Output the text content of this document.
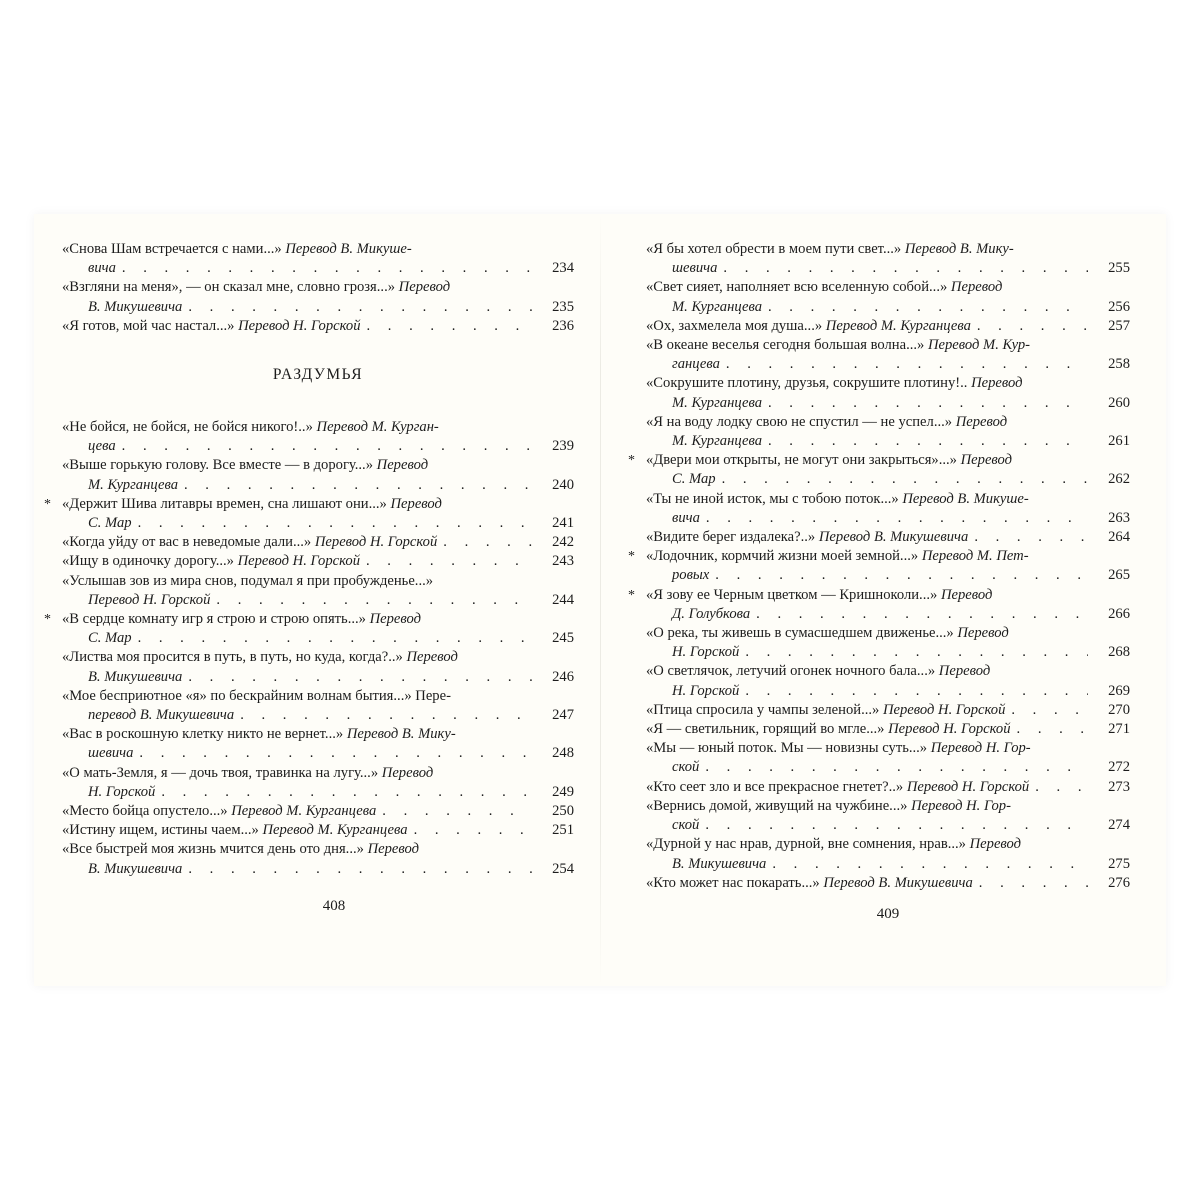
«Снова Шам встречается с нами...» Перевод В. Микуше-
вича . . .	234
«Взгляни на меня», — он сказал мне, словно грозя...» Перевод
В. Микушевича . . .	235
«Я готов, мой час настал...» Перевод Н. Горской . . .	236
РАЗДУМЬЯ
«Не бойся, не бойся, не бойся никого!..» Перевод М. Курган-
цева . . .	239
«Выше горькую голову. Все вместе — в дорогу...» Перевод
М. Курганцева . . .	240
* «Держит Шива литавры времен, сна лишают они...» Перевод
С. Мар . . .	241
«Когда уйду от вас в неведомые дали...» Перевод Н. Горской . . .	242
«Ищу в одиночку дорогу...» Перевод Н. Горской . . .	243
«Услышав зов из мира снов, подумал я при пробужденье...»
Перевод Н. Горской . . .	244
* «В сердце комнату игр я строю и строю опять...» Перевод
С. Мар . . .	245
«Листва моя просится в путь, в путь, но куда, когда?..» Перевод
В. Микушевича . . .	246
«Мое бесприютное «я» по бескрайним волнам бытия...» Пере-
перевод В. Микушевича . . .	247
«Вас в роскошную клетку никто не вернет...» Перевод В. Мику-
шевича . . .	248
«О мать-Земля, я — дочь твоя, травинка на лугу...» Перевод
Н. Горской . . .	249
«Место бойца опустело...» Перевод М. Курганцева . . .	250
«Истину ищем, истины чаем...» Перевод М. Курганцева . . .	251
«Все быстрей моя жизнь мчится день ото дня...» Перевод
В. Микушевича . . .	254
«Я бы хотел обрести в моем пути свет...» Перевод В. Мику-
шевича . . .	255
«Свет сияет, наполняет всю вселенную собой...» Перевод
М. Курганцева . . .	256
«Ох, захмелела моя душа...» Перевод М. Курганцева . . .	257
«В океане веселья сегодня большая волна...» Перевод М. Кур-
ганцева . . .	258
«Сокрушите плотину, друзья, сокрушите плотину!.. Перевод
М. Курганцева . . .	260
«Я на воду лодку свою не спустил — не успел...» Перевод
М. Курганцева . . .	261
* «Двери мои открыты, не могут они закрыться»...» Перевод
С. Мар . . .	262
«Ты не иной исток, мы с тобою поток...» Перевод В. Микуше-
вича . . .	263
«Видите берег издалека?..» Перевод В. Микушевича . . .	264
* «Лодочник, кормчий жизни моей земной...» Перевод М. Пет-
ровых . . .	265
* «Я зову ее Черным цветком — Кришноколи...» Перевод
Д. Голубкова . . .	266
«О река, ты живешь в сумасшедшем движенье...» Перевод
Н. Горской . . .	268
«О светлячок, летучий огонек ночного бала...» Перевод
Н. Горской . . .	269
«Птица спросила у чампы зеленой...» Перевод Н. Горской . . .	270
«Я — светильник, горящий во мгле...» Перевод Н. Горской . . .	271
«Мы — юный поток. Мы — новизны суть...» Перевод Н. Гор-
ской . . .	272
«Кто сеет зло и все прекрасное гнетет?..» Перевод Н. Горской . . .	273
«Вернись домой, живущий на чужбине...» Перевод Н. Гор-
ской . . .	274
«Дурной у нас нрав, дурной, вне сомнения, нрав...» Перевод
В. Микушевича . . .	275
«Кто может нас покарать...» Перевод В. Микушевича . . .	276
408	409
